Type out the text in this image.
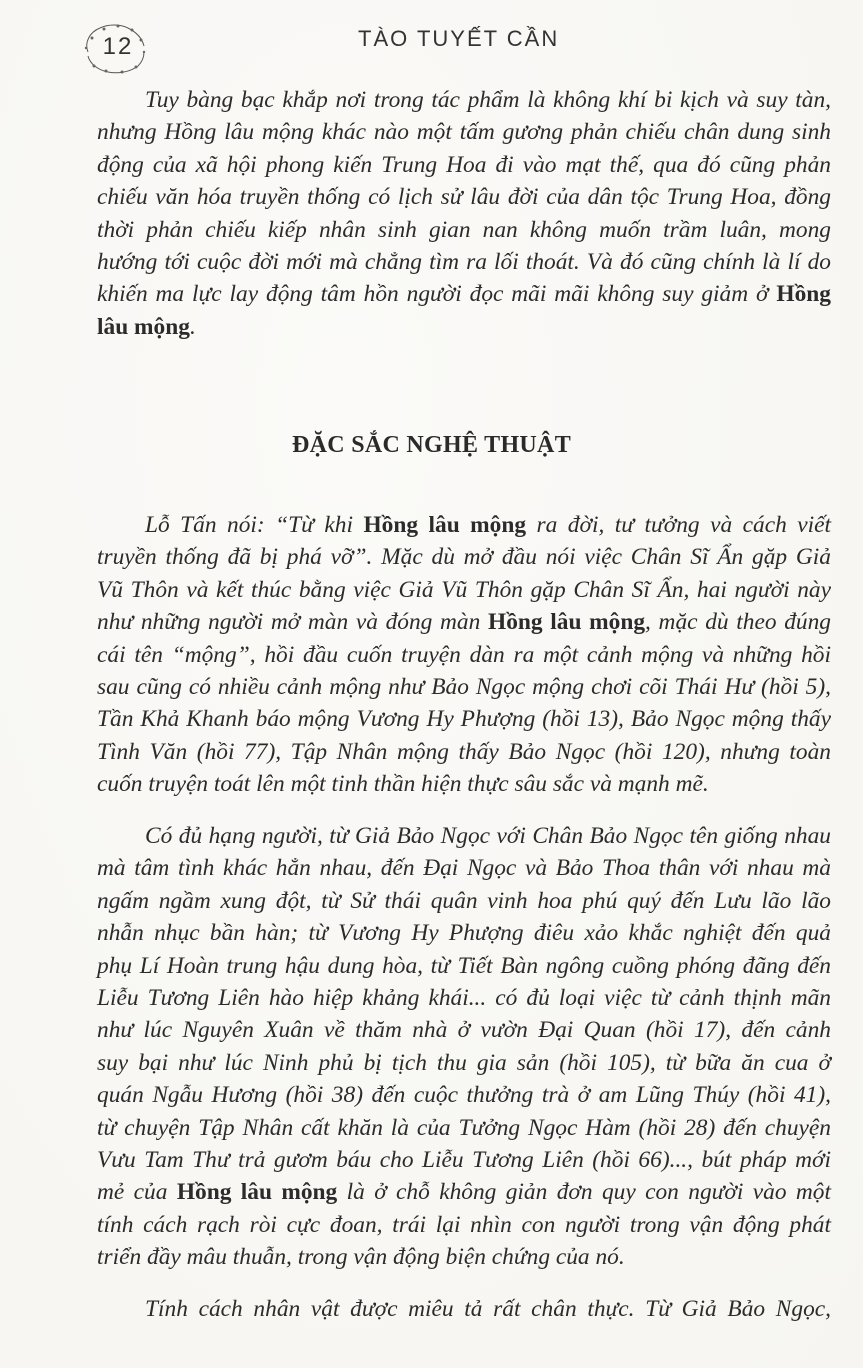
12	TÀO TUYẾT CẦN
Tuy bàng bạc khắp nơi trong tác phẩm là không khí bi kịch và suy tàn,
nhưng Hồng lâu mộng khác nào một tấm gương phản chiếu chân dung sinh
động của xã hội phong kiến Trung Hoa đi vào mạt thế, qua đó cũng phản
chiếu văn hóa truyền thống có lịch sử lâu đời của dân tộc Trung Hoa, đồng
thời phản chiếu kiếp nhân sinh gian nan không muốn trầm luân, mong
hướng tới cuộc đời mới mà chẳng tìm ra lối thoát. Và đó cũng chính là lí do
khiến ma lực lay động tâm hồn người đọc mãi mãi không suy giảm ở Hồng
lâu mộng.
ĐẶC SẮC NGHỆ THUẬT
Lỗ Tấn nói: “Từ khi Hồng lâu mộng ra đời, tư tưởng và cách viết
truyền thống đã bị phá vỡ”. Mặc dù mở đầu nói việc Chân Sĩ Ẩn gặp Giả
Vũ Thôn và kết thúc bằng việc Giả Vũ Thôn gặp Chân Sĩ Ẩn, hai người này
như những người mở màn và đóng màn Hồng lâu mộng, mặc dù theo đúng
cái tên “mộng”, hồi đầu cuốn truyện dàn ra một cảnh mộng và những hồi
sau cũng có nhiều cảnh mộng như Bảo Ngọc mộng chơi cõi Thái Hư (hồi 5),
Tần Khả Khanh báo mộng Vương Hy Phượng (hồi 13), Bảo Ngọc mộng thấy
Tình Văn (hồi 77), Tập Nhân mộng thấy Bảo Ngọc (hồi 120), nhưng toàn
cuốn truyện toát lên một tinh thần hiện thực sâu sắc và mạnh mẽ.
Có đủ hạng người, từ Giả Bảo Ngọc với Chân Bảo Ngọc tên giống nhau
mà tâm tình khác hẳn nhau, đến Đại Ngọc và Bảo Thoa thân với nhau mà
ngấm ngầm xung đột, từ Sử thái quân vinh hoa phú quý đến Lưu lão lão
nhẫn nhục bần hàn; từ Vương Hy Phượng điêu xảo khắc nghiệt đến quả
phụ Lí Hoàn trung hậu dung hòa, từ Tiết Bàn ngông cuồng phóng đãng đến
Liễu Tương Liên hào hiệp khảng khái... có đủ loại việc từ cảnh thịnh mãn
như lúc Nguyên Xuân về thăm nhà ở vườn Đại Quan (hồi 17), đến cảnh
suy bại như lúc Ninh phủ bị tịch thu gia sản (hồi 105), từ bữa ăn cua ở
quán Ngẫu Hương (hồi 38) đến cuộc thưởng trà ở am Lũng Thúy (hồi 41),
từ chuyện Tập Nhân cất khăn là của Tưởng Ngọc Hàm (hồi 28) đến chuyện
Vưu Tam Thư trả gươm báu cho Liễu Tương Liên (hồi 66)..., bút pháp mới
mẻ của Hồng lâu mộng là ở chỗ không giản đơn quy con người vào một
tính cách rạch ròi cực đoan, trái lại nhìn con người trong vận động phát
triển đầy mâu thuẫn, trong vận động biện chứng của nó.
Tính cách nhân vật được miêu tả rất chân thực. Từ Giả Bảo Ngọc,
